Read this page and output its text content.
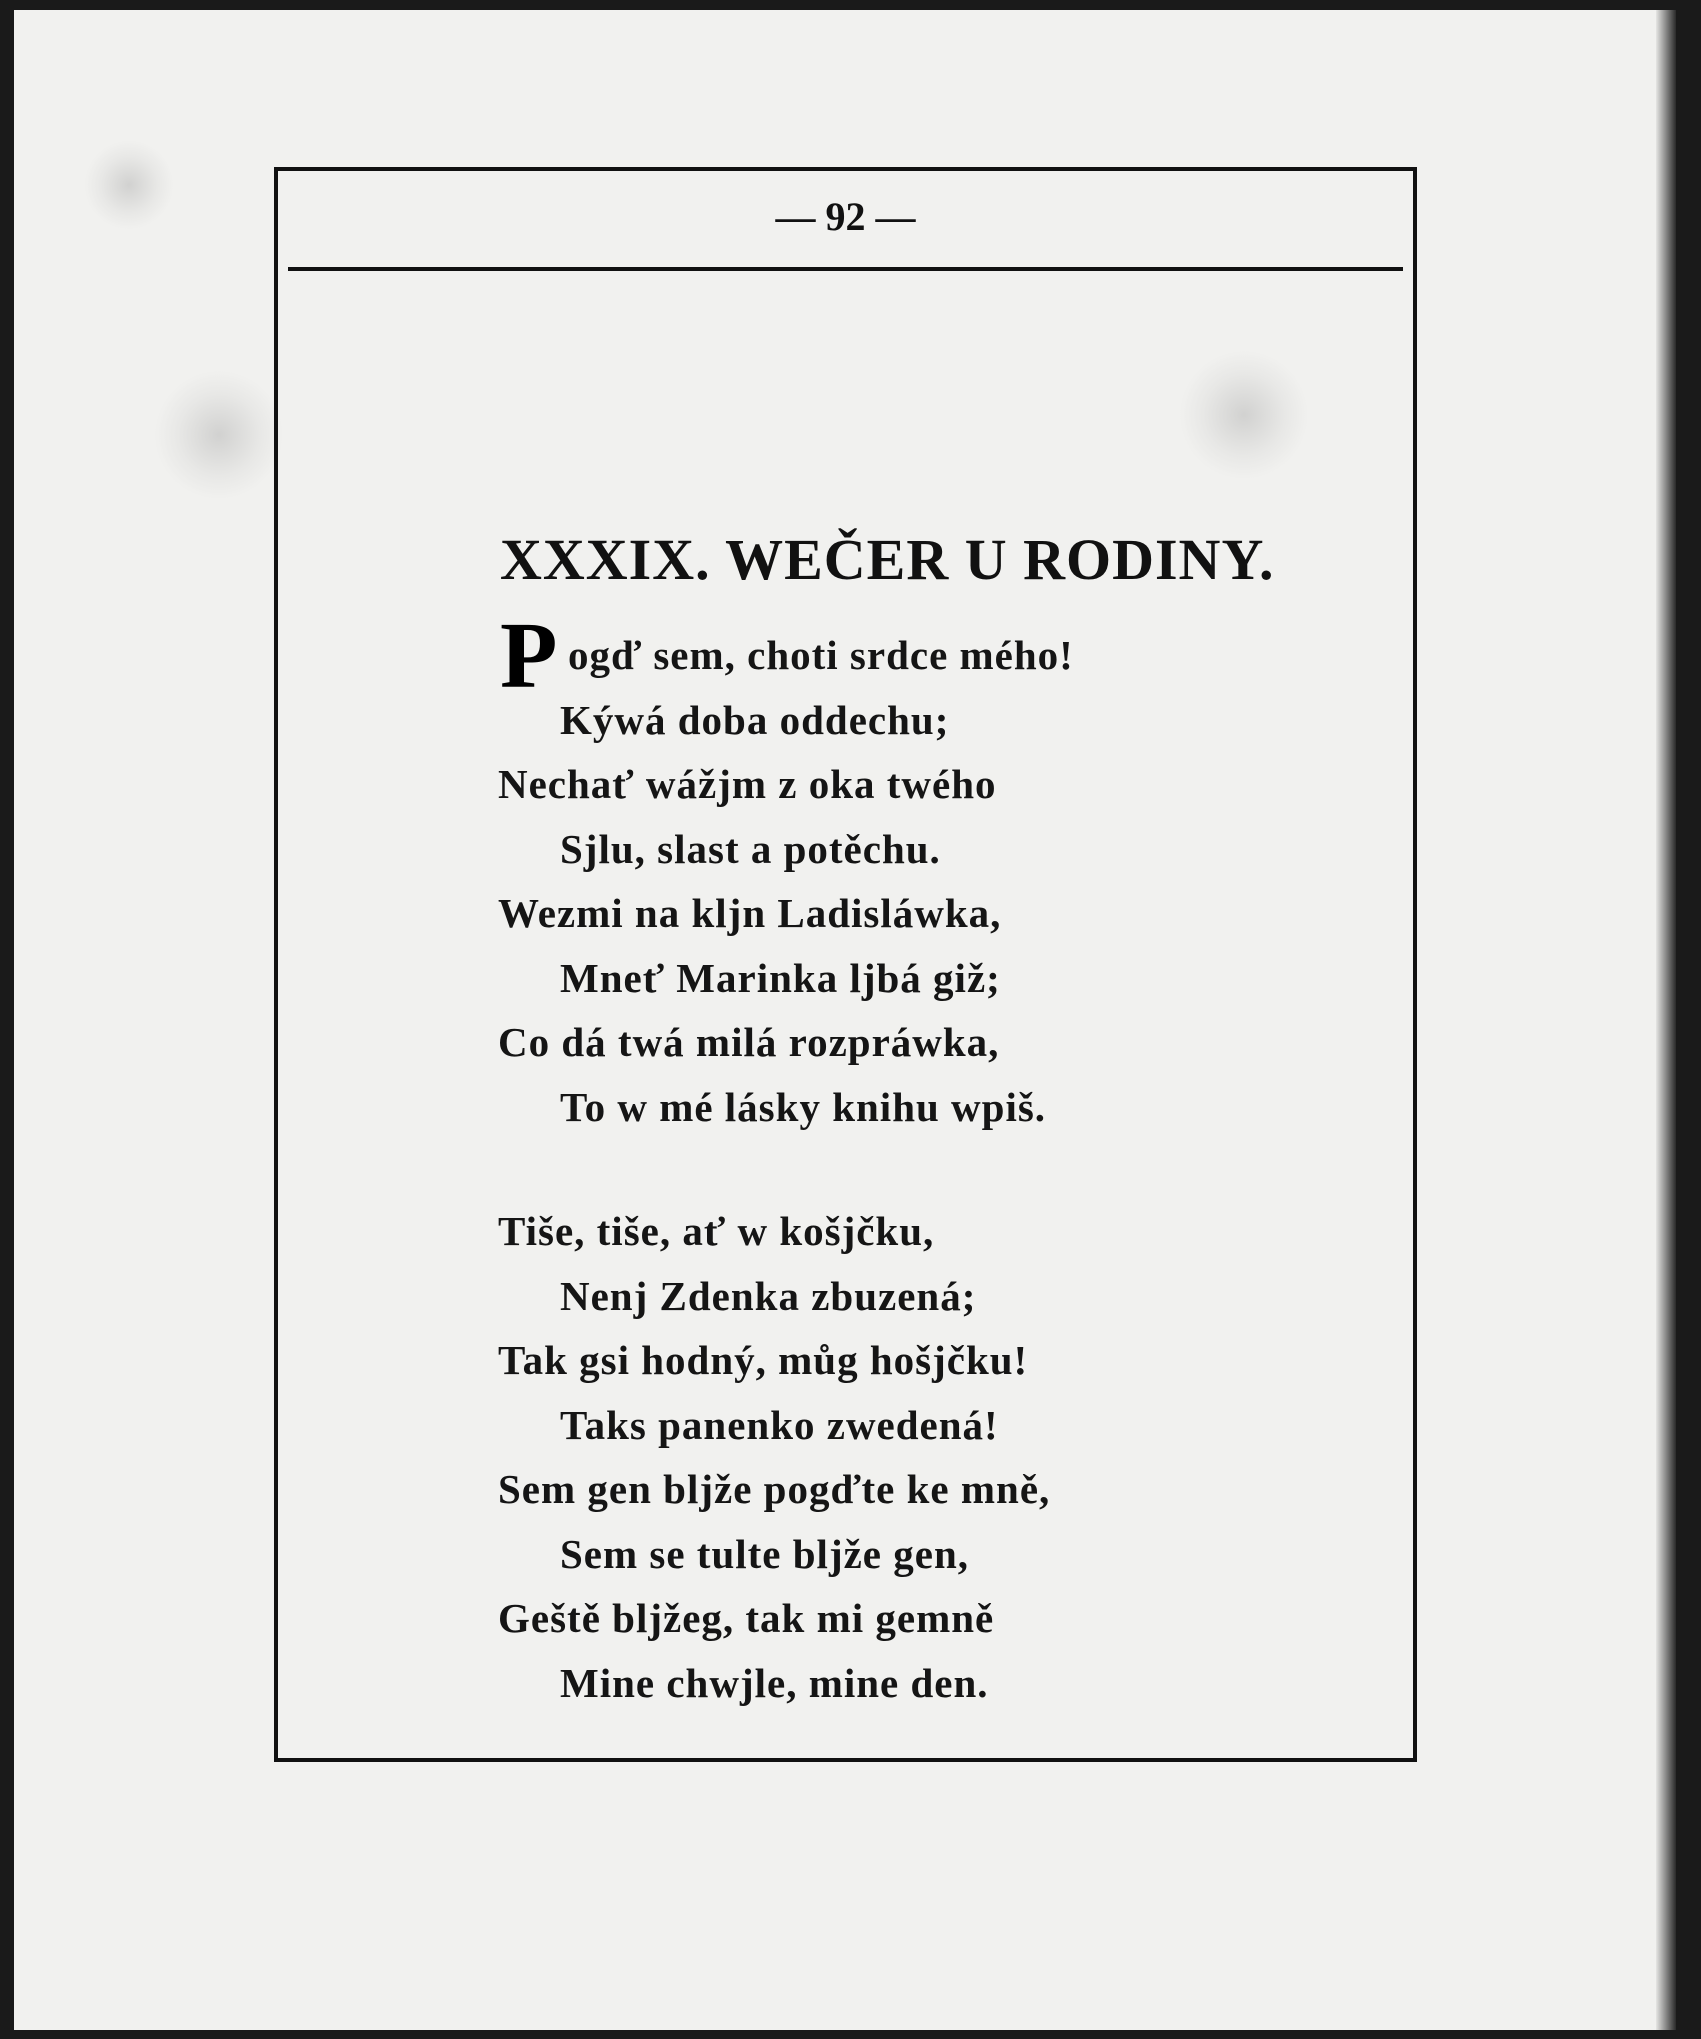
— 92 —
XXXIX. WEČER U RODINY.
P ogď sem, choti srdce mého!
Kýwá doba oddechu;
Nechať wážjm z oka twého
Sjlu, slast a potěchu.
Wezmi na kljn Ladisláwka,
Mneť Marinka ljbá giž;
Co dá twá milá rozpráwka,
To w mé lásky knihu wpiš.
Tiše, tiše, ať w košjčku,
Nenj Zdenka zbuzená;
Tak gsi hodný, můg hošjčku!
Taks panenko zwedená!
Sem gen bljže pogďte ke mně,
Sem se tulte bljže gen,
Geště bljžeg, tak mi gemně
Mine chwjle, mine den.
